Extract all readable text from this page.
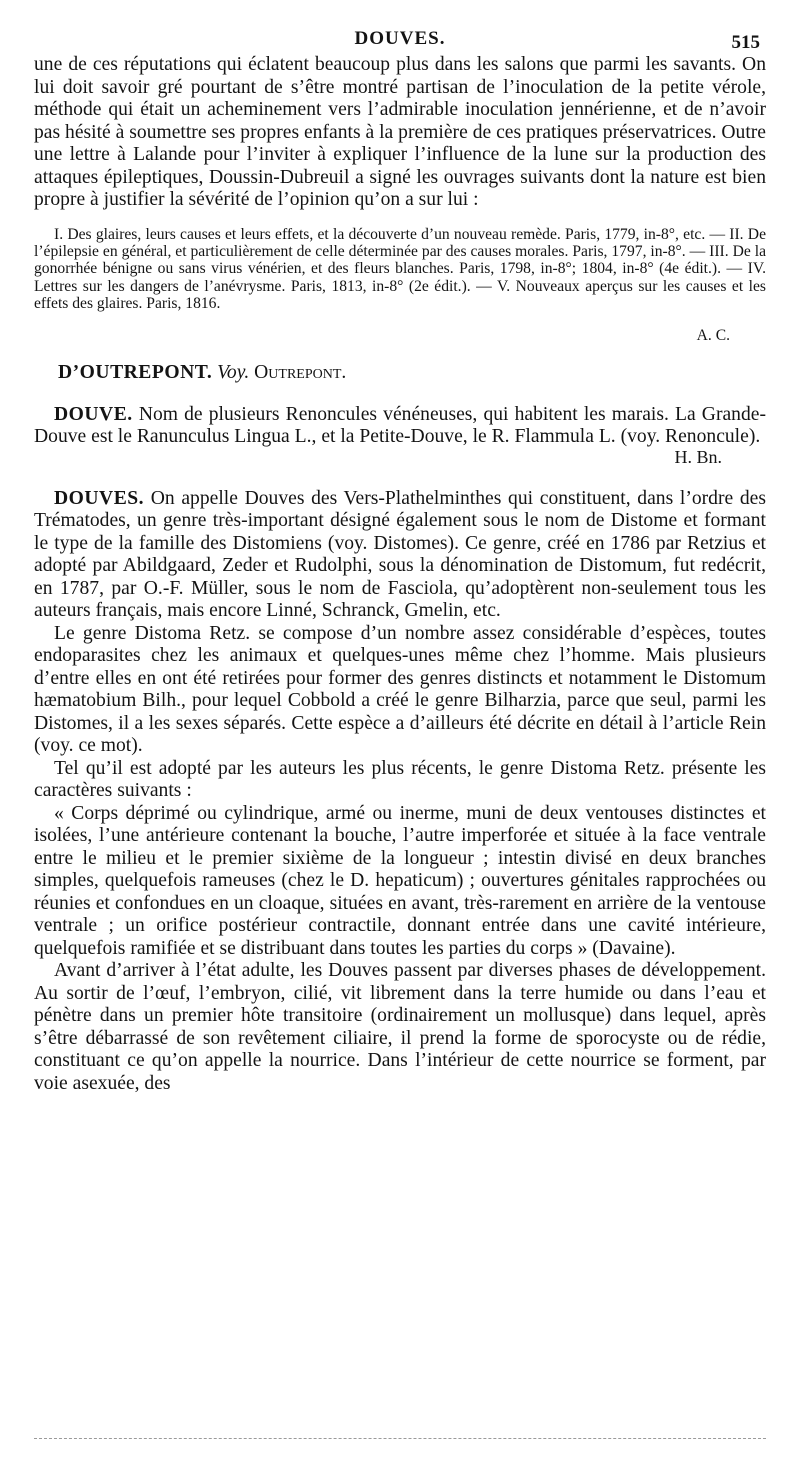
DOUVES.	515

une de ces réputations qui éclatent beaucoup plus dans les salons que parmi les savants. On lui doit savoir gré pourtant de s’être montré partisan de l’inoculation de la petite vérole, méthode qui était un acheminement vers l’admirable inoculation jennérienne, et de n’avoir pas hésité à soumettre ses propres enfants à la première de ces pratiques préservatrices. Outre une lettre à Lalande pour l’inviter à expliquer l’influence de la lune sur la production des attaques épileptiques, Doussin-Dubreuil a signé les ouvrages suivants dont la nature est bien propre à justifier la sévérité de l’opinion qu’on a sur lui :

I. Des glaires, leurs causes et leurs effets, et la découverte d’un nouveau remède. Paris, 1779, in-8°, etc. — II. De l’épilepsie en général, et particulièrement de celle déterminée par des causes morales. Paris, 1797, in-8°. — III. De la gonorrhée bénigne ou sans virus vénérien, et des fleurs blanches. Paris, 1798, in-8°; 1804, in-8° (4e édit.). — IV. Lettres sur les dangers de l’anévrysme. Paris, 1813, in-8° (2e édit.). — V. Nouveaux aperçus sur les causes et les effets des glaires. Paris, 1816.

A. C.

D’OUTREPONT. Voy. Outrepont.

DOUVE. Nom de plusieurs Renoncules vénéneuses, qui habitent les marais. La Grande-Douve est le Ranunculus Lingua L., et la Petite-Douve, le R. Flammula L. (voy. Renoncule).

H. Bn.

DOUVES. On appelle Douves des Vers-Plathelminthes qui constituent, dans l’ordre des Trématodes, un genre très-important désigné également sous le nom de Distome et formant le type de la famille des Distomiens (voy. Distomes). Ce genre, créé en 1786 par Retzius et adopté par Abildgaard, Zeder et Rudolphi, sous la dénomination de Distomum, fut redécrit, en 1787, par O.-F. Müller, sous le nom de Fasciola, qu’adoptèrent non-seulement tous les auteurs français, mais encore Linné, Schranck, Gmelin, etc.

Le genre Distoma Retz. se compose d’un nombre assez considérable d’espèces, toutes endoparasites chez les animaux et quelques-unes même chez l’homme. Mais plusieurs d’entre elles en ont été retirées pour former des genres distincts et notamment le Distomum hæmatobium Bilh., pour lequel Cobbold a créé le genre Bilharzia, parce que seul, parmi les Distomes, il a les sexes séparés. Cette espèce a d’ailleurs été décrite en détail à l’article Rein (voy. ce mot).

Tel qu’il est adopté par les auteurs les plus récents, le genre Distoma Retz. présente les caractères suivants :

« Corps déprimé ou cylindrique, armé ou inerme, muni de deux ventouses distinctes et isolées, l’une antérieure contenant la bouche, l’autre imperforée et située à la face ventrale entre le milieu et le premier sixième de la longueur ; intestin divisé en deux branches simples, quelquefois rameuses (chez le D. hepaticum) ; ouvertures génitales rapprochées ou réunies et confondues en un cloaque, situées en avant, très-rarement en arrière de la ventouse ventrale ; un orifice postérieur contractile, donnant entrée dans une cavité intérieure, quelquefois ramifiée et se distribuant dans toutes les parties du corps » (Davaine).

Avant d’arriver à l’état adulte, les Douves passent par diverses phases de développement. Au sortir de l’œuf, l’embryon, cilié, vit librement dans la terre humide ou dans l’eau et pénètre dans un premier hôte transitoire (ordinairement un mollusque) dans lequel, après s’être débarrassé de son revêtement ciliaire, il prend la forme de sporocyste ou de rédie, constituant ce qu’on appelle la nourrice. Dans l’intérieur de cette nourrice se forment, par voie asexuée, des
